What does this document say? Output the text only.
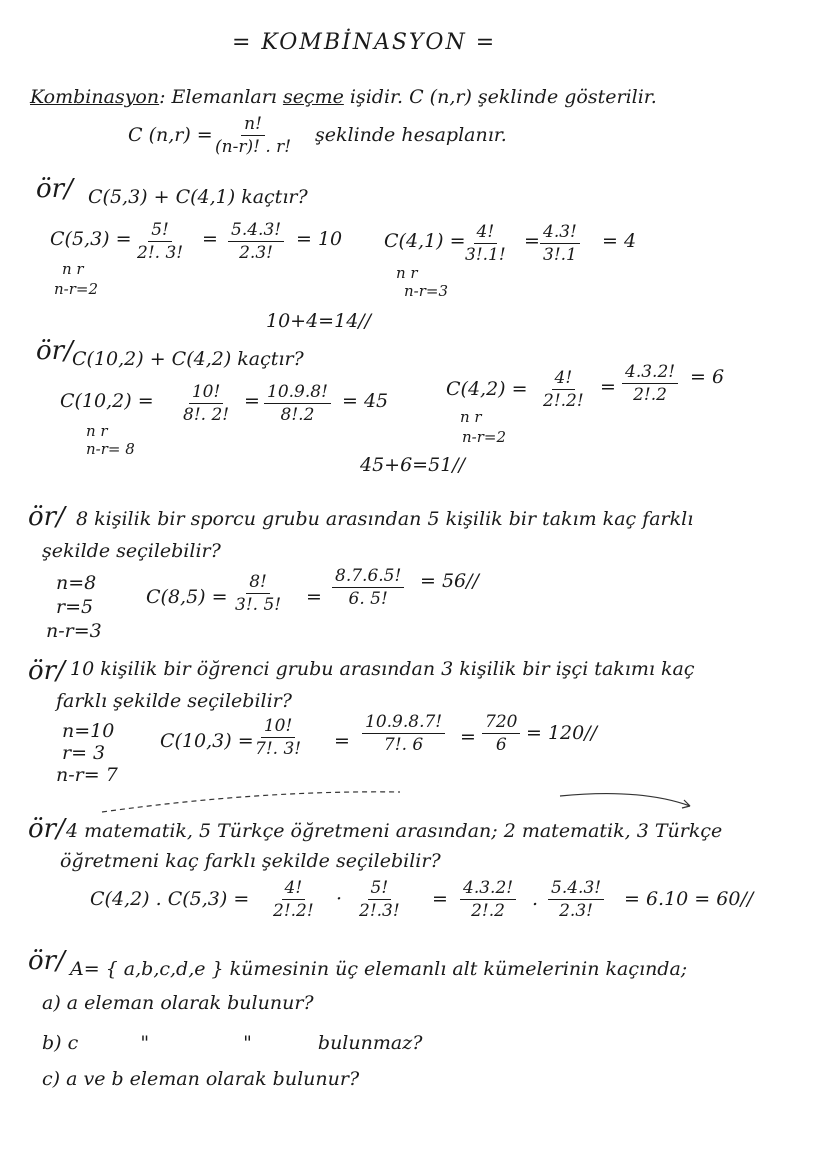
= KOMBİNASYON =
Kombinasyon: Elemanları seçme işidir. C (n,r) şeklinde gösterilir.
C $(n,r) = \frac{n!}{(n-r)! . r!}$ şeklinde hesaplanır.
ör/ C(5,3) + C(4,1) kaçtır?
$C(5,3) = \frac{5!}{2!. 3!} = \frac{5.4.3!}{2.3!} = 10$
n r
n-r=2
C(4,1) =
$\frac{4!}{3!.1!} = \frac{4.3!}{3!.1} = 4$
n r
n-r=3
10+4=14//
ör/ C(10,2) + C(4,2) kaçtır?
$C(10,2) = \frac{10!}{8!. 2!} = \frac{10.9.8!}{8!.2} = 45$
n r
n-r= 8
$C(4,2) = \frac{4!}{2!.2!} = \frac{4.3.2!}{2!.2} = 6$
n r
n-r=2
45+6=51//
ör/ 8 kişilik bir sporcu grubu arasından 5 kişilik bir takım kaç farklı
şekilde seçilebilir?
n=8
r=5
n-r=3
$C(8,5) = \frac{8!}{3!. 5!} = \frac{8.7.6.5!}{6. 5!} = 56//$
ör/ 10 kişilik bir öğrenci grubu arasından 3 kişilik bir işçi takımı kaç
farklı şekilde seçilebilir?
n=10
r= 3
n-r= 7
C(10,3) =
$\frac{10!}{7!. 3!} = \frac{10.9.8.7!}{7!. 6} = \frac{720}{6} = 120//$
ör/ 4 matematik, 5 Türkçe öğretmeni arasından; 2 matematik, 3 Türkçe
öğretmeni kaç farklı şekilde seçilebilir?
C(4,2) . $C(5,3) = \frac{4!}{2!.2!} \cdot \frac{5!}{2!.3!} = \frac{4.3.2!}{2!.2}$ . $\frac{5.4.3!}{2.3!} = 6.10 = 60//$
ör/ A= { a,b,c,d,e } kümesinin üç elemanlı alt kümelerinin kaçında;
a) a eleman olarak bulunur?
b) c	"	"	bulunmaz?
c) a ve b eleman olarak bulunur?
